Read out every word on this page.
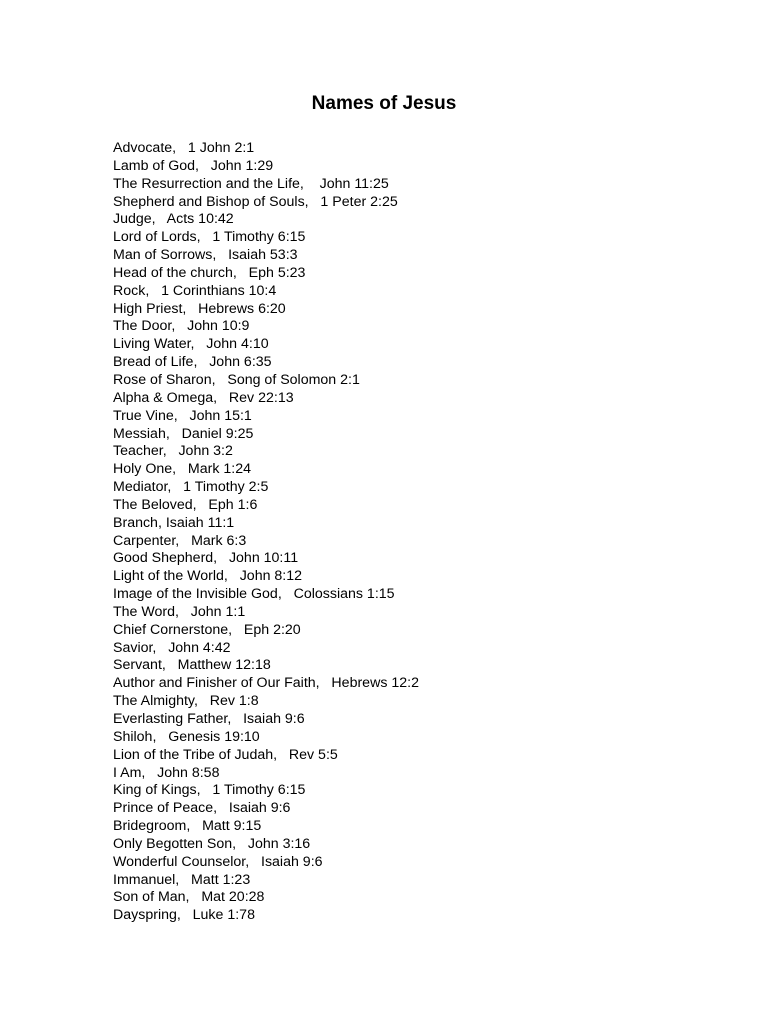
Names of Jesus
Advocate,   1 John 2:1
Lamb of God,   John 1:29
The Resurrection and the Life,    John 11:25
Shepherd and Bishop of Souls,   1 Peter 2:25
Judge,   Acts 10:42
Lord of Lords,   1 Timothy 6:15
Man of Sorrows,   Isaiah 53:3
Head of the church,   Eph 5:23
Rock,   1 Corinthians 10:4
High Priest,   Hebrews 6:20
The Door,   John 10:9
Living Water,   John 4:10
Bread of Life,   John 6:35
Rose of Sharon,   Song of Solomon 2:1
Alpha & Omega,   Rev 22:13
True Vine,   John 15:1
Messiah,   Daniel 9:25
Teacher,   John 3:2
Holy One,   Mark 1:24
Mediator,   1 Timothy 2:5
The Beloved,   Eph 1:6
Branch, Isaiah 11:1
Carpenter,   Mark 6:3
Good Shepherd,   John 10:11
Light of the World,   John 8:12
Image of the Invisible God,   Colossians 1:15
The Word,   John 1:1
Chief Cornerstone,   Eph 2:20
Savior,   John 4:42
Servant,   Matthew 12:18
Author and Finisher of Our Faith,   Hebrews 12:2
The Almighty,   Rev 1:8
Everlasting Father,   Isaiah 9:6
Shiloh,   Genesis 19:10
Lion of the Tribe of Judah,   Rev 5:5
I Am,   John 8:58
King of Kings,   1 Timothy 6:15
Prince of Peace,   Isaiah 9:6
Bridegroom,   Matt 9:15
Only Begotten Son,   John 3:16
Wonderful Counselor,   Isaiah 9:6
Immanuel,   Matt 1:23
Son of Man,   Mat 20:28
Dayspring,   Luke 1:78
